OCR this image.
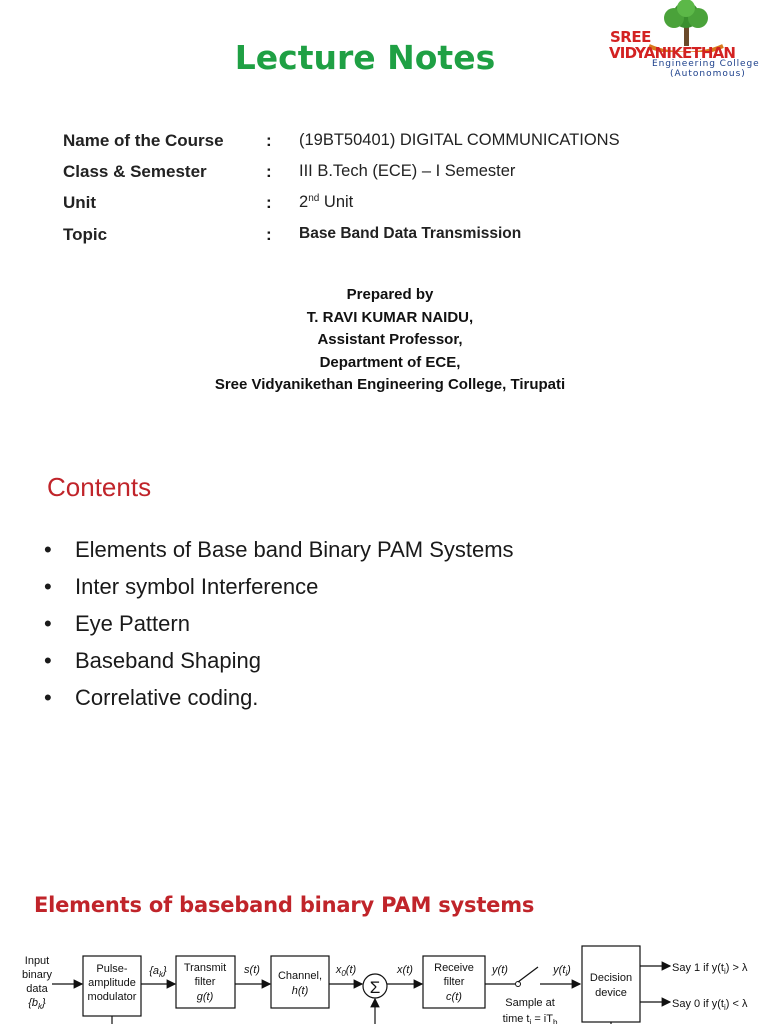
Lecture Notes
SREE
VIDYANIKETHAN
Engineering College
(Autonomous)
Name of the Course : (19BT50401) DIGITAL COMMUNICATIONS
Class & Semester	: III B.Tech (ECE) – I Semester
Unit	: 2nd Unit
Topic	: Base Band Data Transmission
Prepared by
T. RAVI KUMAR NAIDU,
Assistant Professor,
Department of ECE,
Sree Vidyanikethan Engineering College, Tirupati
Contents
• Elements of Base band Binary PAM Systems
• Inter symbol Interference
• Eye Pattern
• Baseband Shaping
• Correlative coding.
Elements of baseband binary PAM systems
Input
binary
data
$\{b_k\}$
Pulse-
amplitude
modulator
$\{a_k\}$ Transmit
filter
g(t)
s(t) Channel,
h(t)
$x_0(t)$
Σ
x(t) Receive
filter
c(t)
y(t)	$y(t_i)$
Sample at
time $t_i = iT_b$
Decision
device
Say 1 if $y(t_i) > \lambda$
Say 0 if $y(t_i) < \lambda$
